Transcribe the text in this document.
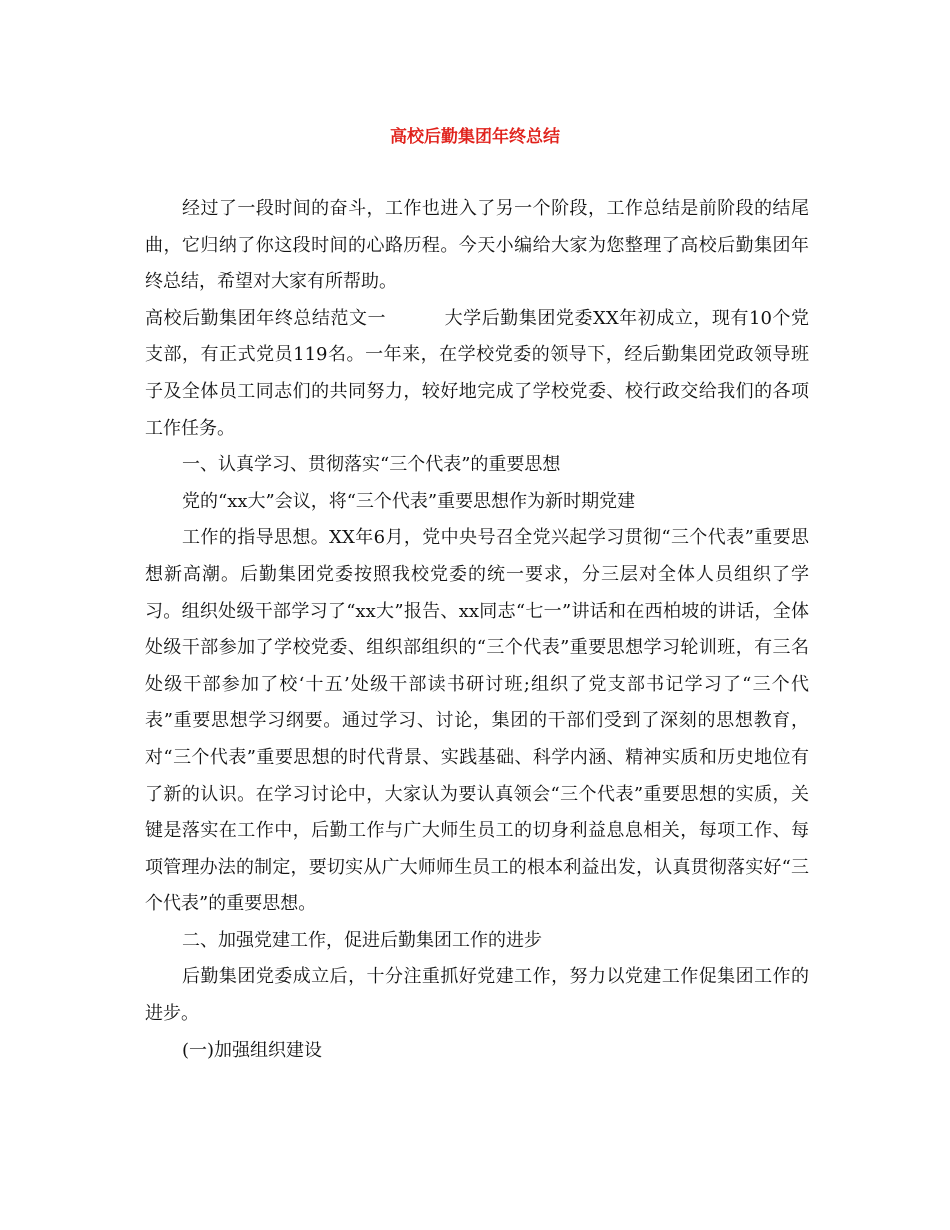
高校后勤集团年终总结

经过了一段时间的奋斗，工作也进入了另一个阶段，工作总结是前阶段的结尾曲，它归纳了你这段时间的心路历程。今天小编给大家为您整理了高校后勤集团年终总结，希望对大家有所帮助。

高校后勤集团年终总结范文一	大学后勤集团党委XX年初成立，现有10个党支部，有正式党员119名。一年来，在学校党委的领导下，经后勤集团党政领导班子及全体员工同志们的共同努力，较好地完成了学校党委、校行政交给我们的各项工作任务。

一、认真学习、贯彻落实“三个代表”的重要思想

党的“xx大”会议，将“三个代表”重要思想作为新时期党建

工作的指导思想。XX年6月，党中央号召全党兴起学习贯彻“三个代表”重要思想新高潮。后勤集团党委按照我校党委的统一要求，分三层对全体人员组织了学习。组织处级干部学习了“xx大”报告、xx同志“七一”讲话和在西柏坡的讲话，全体处级干部参加了学校党委、组织部组织的“三个代表”重要思想学习轮训班，有三名处级干部参加了校‘十五’处级干部读书研讨班;组织了党支部书记学习了“三个代表”重要思想学习纲要。通过学习、讨论，集团的干部们受到了深刻的思想教育，对“三个代表”重要思想的时代背景、实践基础、科学内涵、精神实质和历史地位有了新的认识。在学习讨论中，大家认为要认真领会“三个代表”重要思想的实质，关键是落实在工作中，后勤工作与广大师生员工的切身利益息息相关，每项工作、每项管理办法的制定，要切实从广大师师生员工的根本利益出发，认真贯彻落实好“三个代表”的重要思想。

二、加强党建工作，促进后勤集团工作的进步

后勤集团党委成立后，十分注重抓好党建工作，努力以党建工作促集团工作的进步。

(一)加强组织建设
